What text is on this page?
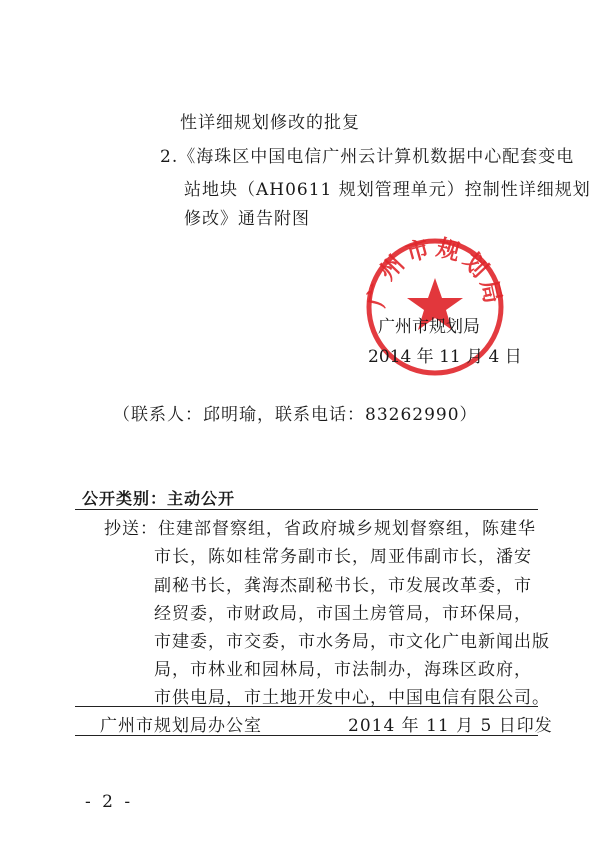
性详细规划修改的批复
2.《海珠区中国电信广州云计算机数据中心配套变电
站地块（AH0611 规划管理单元）控制性详细规划
修改》通告附图
广州市规划局
广州市规划局
2014 年 11 月 4 日
（联系人：邱明瑜，联系电话：83262990）
公开类别：主动公开
抄送：住建部督察组，省政府城乡规划督察组，陈建华
市长，陈如桂常务副市长，周亚伟副市长，潘安
副秘书长，龚海杰副秘书长，市发展改革委，市
经贸委，市财政局，市国土房管局，市环保局，
市建委，市交委，市水务局，市文化广电新闻出版
局，市林业和园林局，市法制办，海珠区政府，
市供电局，市土地开发中心，中国电信有限公司。
广州市规划局办公室	2014 年 11 月 5 日印发
- 2 -
